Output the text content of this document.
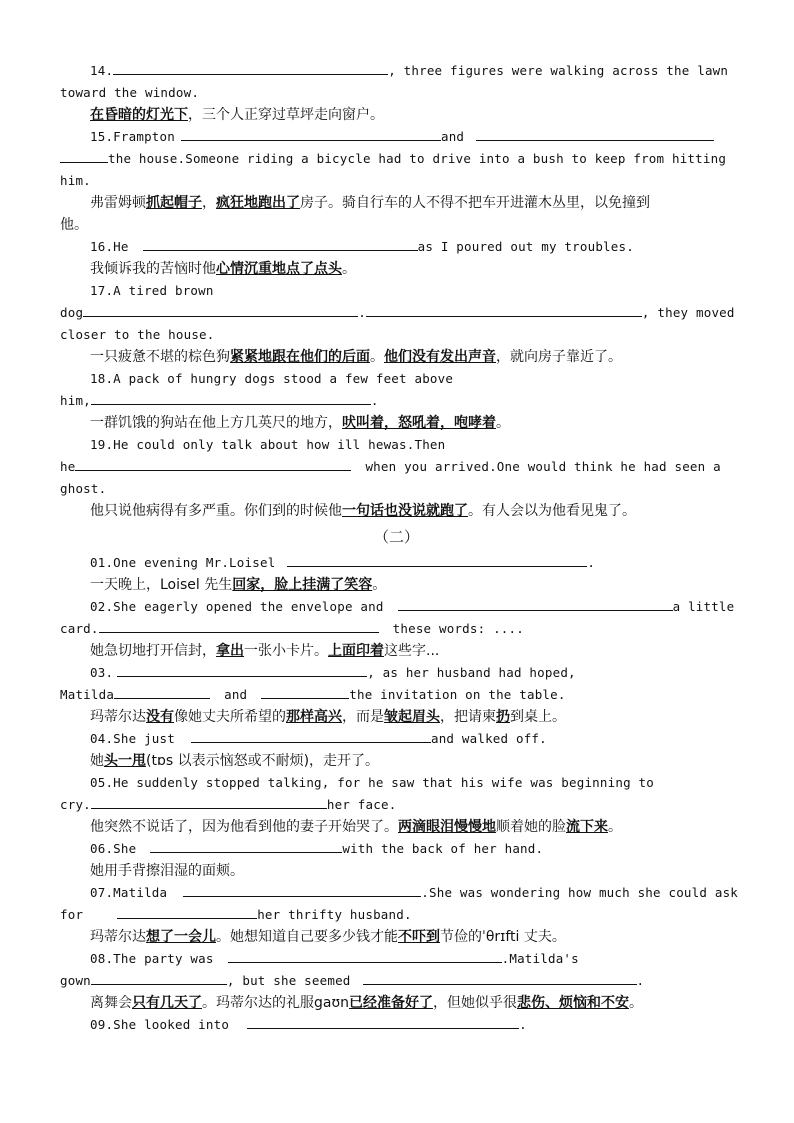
14.	, three figures were walking across the lawn
toward the window.
在昏暗的灯光下，三个人正穿过草坪走向窗户。
15.Frampton	and
the house.Someone riding a bicycle had to drive into a bush to keep from hitting
him.
弗雷姆顿抓起帽子，疯狂地跑出了房子。骑自行车的人不得不把车开进灌木丛里，以免撞到
他。
16.He	as I poured out my troubles.
我倾诉我的苦恼时他心情沉重地点了点头。
17.A tired brown
dog	.	, they moved
closer to the house.
一只疲惫不堪的棕色狗紧紧地跟在他们的后面。他们没有发出声音，就向房子靠近了。
18.A pack of hungry dogs stood a few feet above
him,	.
一群饥饿的狗站在他上方几英尺的地方，吠叫着，怒吼着，咆哮着。
19.He could only talk about how ill hewas.Then
he	when you arrived.One would think he had seen a
ghost.
他只说他病得有多严重。你们到的时候他一句话也没说就跑了。有人会以为他看见鬼了。
（二）
01.One evening Mr.Loisel	.
一天晚上，Loisel 先生回家，脸上挂满了笑容。
02.She eagerly opened the envelope and	a little
card.	these words: ....
她急切地打开信封，拿出一张小卡片。上面印着这些字...
03.	, as her husband had hoped,
Matilda	and	the invitation on the table.
玛蒂尔达没有像她丈夫所希望的那样高兴，而是皱起眉头，把请柬扔到桌上。
04.She just	and walked off.
她头一甩(tɒs 以表示恼怒或不耐烦)，走开了。
05.He suddenly stopped talking, for he saw that his wife was beginning to
cry.	her face.
他突然不说话了，因为他看到他的妻子开始哭了。两滴眼泪慢慢地顺着她的脸流下来。
06.She	with the back of her hand.
她用手背擦泪湿的面颊。
07.Matilda	.She was wondering how much she could ask
for	her thrifty husband.
玛蒂尔达想了一会儿。她想知道自己要多少钱才能不吓到节俭的ˈθrɪfti 丈夫。
08.The party was	.Matilda's
gown	, but she seemed	.
离舞会只有几天了。玛蒂尔达的礼服gaʊn已经准备好了，但她似乎很悲伤、烦恼和不安。
09.She looked into	.
